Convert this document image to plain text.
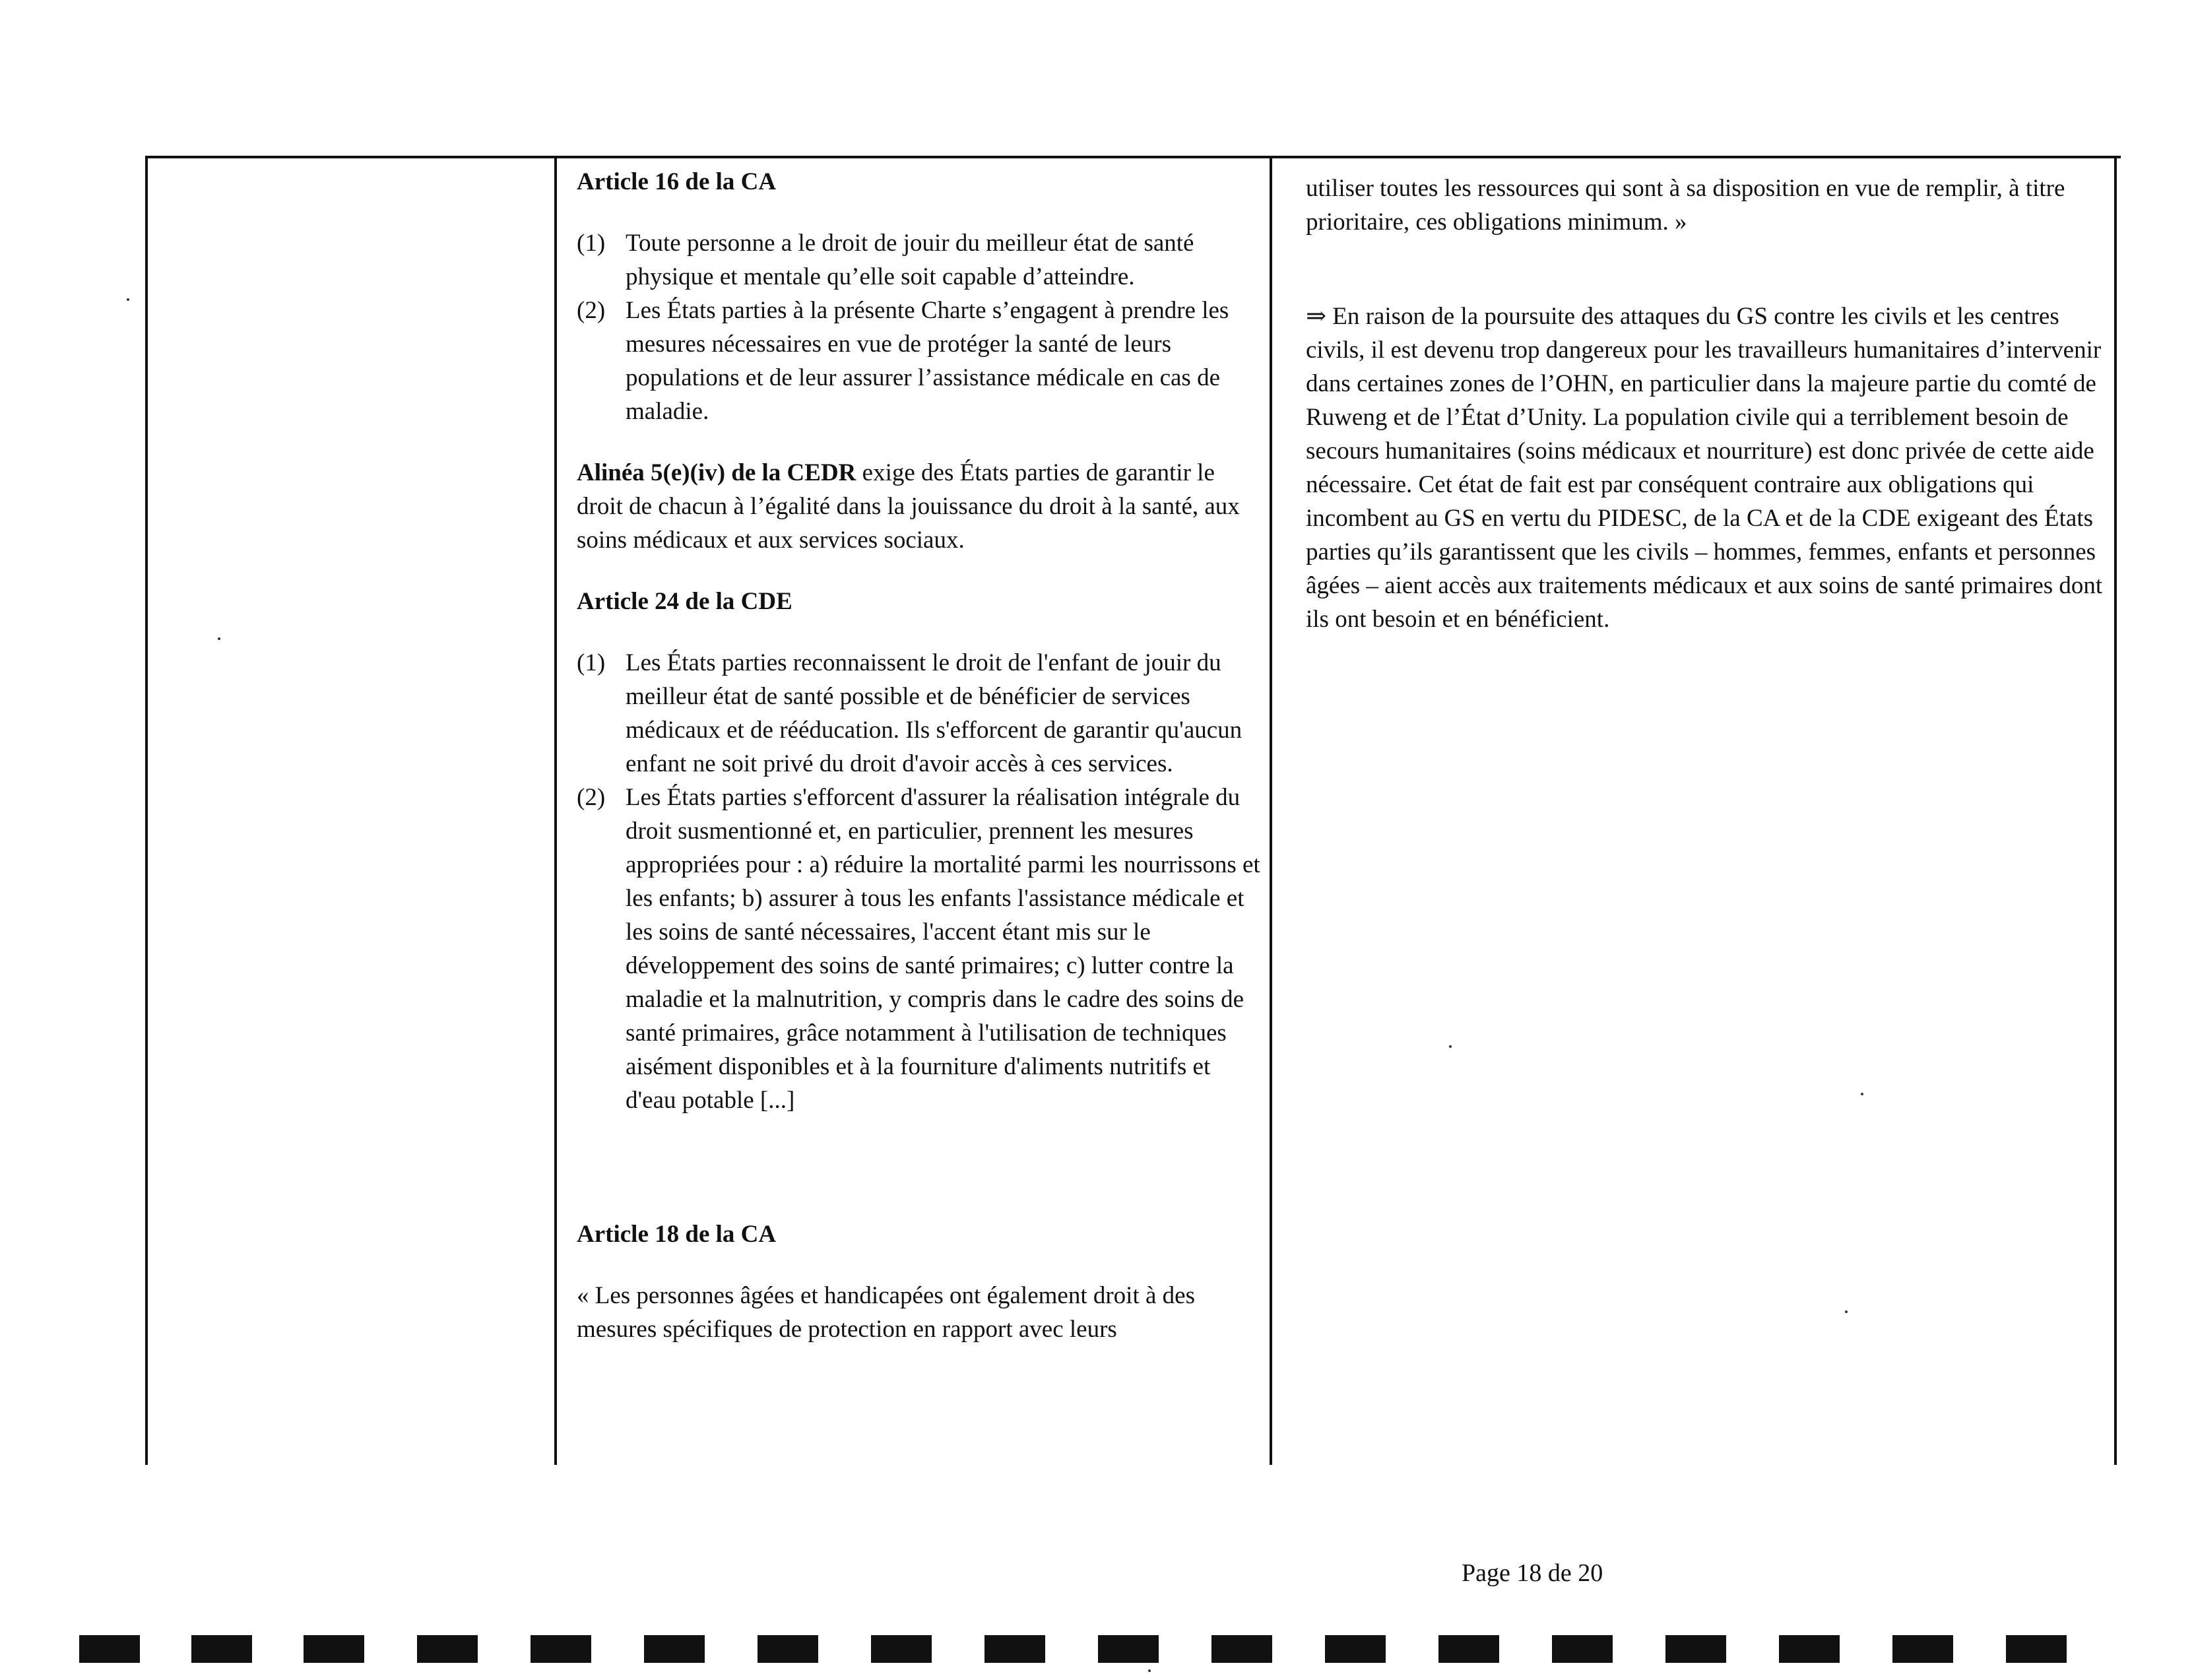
Article 16 de la CA
(1) Toute personne a le droit de jouir du meilleur état de santé physique et mentale qu’elle soit capable d’atteindre.
(2) Les États parties à la présente Charte s’engagent à prendre les mesures nécessaires en vue de protéger la santé de leurs populations et de leur assurer l’assistance médicale en cas de maladie.
Alinéa 5(e)(iv) de la CEDR exige des États parties de garantir le droit de chacun à l’égalité dans la jouissance du droit à la santé, aux soins médicaux et aux services sociaux.
Article 24 de la CDE
(1) Les États parties reconnaissent le droit de l'enfant de jouir du meilleur état de santé possible et de bénéficier de services médicaux et de rééducation. Ils s'efforcent de garantir qu'aucun enfant ne soit privé du droit d'avoir accès à ces services.
(2) Les États parties s'efforcent d'assurer la réalisation intégrale du droit susmentionné et, en particulier, prennent les mesures appropriées pour : a) réduire la mortalité parmi les nourrissons et les enfants; b) assurer à tous les enfants l'assistance médicale et les soins de santé nécessaires, l'accent étant mis sur le développement des soins de santé primaires; c) lutter contre la maladie et la malnutrition, y compris dans le cadre des soins de santé primaires, grâce notamment à l'utilisation de techniques aisément disponibles et à la fourniture d'aliments nutritifs et d'eau potable [...]
Article 18 de la CA
« Les personnes âgées et handicapées ont également droit à des mesures spécifiques de protection en rapport avec leurs
utiliser toutes les ressources qui sont à sa disposition en vue de remplir, à titre prioritaire, ces obligations minimum. »
⇒ En raison de la poursuite des attaques du GS contre les civils et les centres civils, il est devenu trop dangereux pour les travailleurs humanitaires d’intervenir dans certaines zones de l’OHN, en particulier dans la majeure partie du comté de Ruweng et de l’État d’Unity. La population civile qui a terriblement besoin de secours humanitaires (soins médicaux et nourriture) est donc privée de cette aide nécessaire. Cet état de fait est par conséquent contraire aux obligations qui incombent au GS en vertu du PIDESC, de la CA et de la CDE exigeant des États parties qu’ils garantissent que les civils – hommes, femmes, enfants et personnes âgées – aient accès aux traitements médicaux et aux soins de santé primaires dont ils ont besoin et en bénéficient.
Page 18 de 20
